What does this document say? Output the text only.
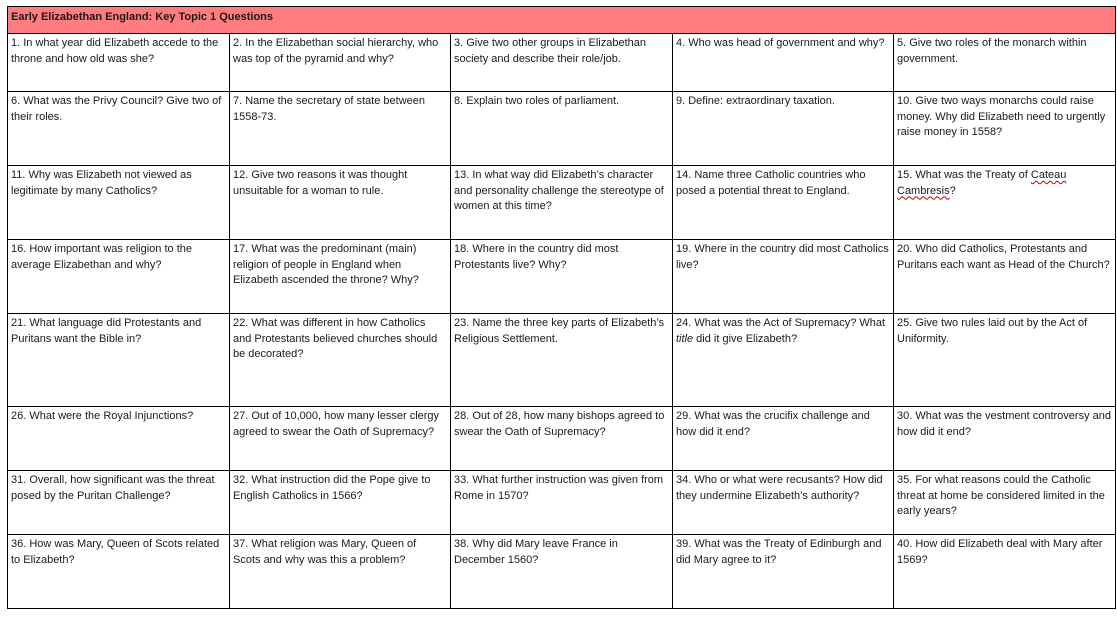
Early Elizabethan England: Key Topic 1 Questions				
1. In what year did Elizabeth accede to the throne and how old was she?	2. In the Elizabethan social hierarchy, who was top of the pyramid and why?	3. Give two other groups in Elizabethan society and describe their role/job.	4. Who was head of government and why?	5. Give two roles of the monarch within government.
6. What was the Privy Council? Give two of their roles.	7. Name the secretary of state between 1558-73.	8. Explain two roles of parliament.	9. Define: extraordinary taxation.	10. Give two ways monarchs could raise money. Why did Elizabeth need to urgently raise money in 1558?
11. Why was Elizabeth not viewed as legitimate by many Catholics?	12. Give two reasons it was thought unsuitable for a woman to rule.	13. In what way did Elizabeth’s character and personality challenge the stereotype of women at this time?	14. Name three Catholic countries who posed a potential threat to England.	15. What was the Treaty of Cateau Cambresis?
16. How important was religion to the average Elizabethan and why?	17. What was the predominant (main) religion of people in England when Elizabeth ascended the throne? Why?	18. Where in the country did most Protestants live? Why?	19. Where in the country did most Catholics live?	20. Who did Catholics, Protestants and Puritans each want as Head of the Church?
21. What language did Protestants and Puritans want the Bible in?	22. What was different in how Catholics and Protestants believed churches should be decorated?	23. Name the three key parts of Elizabeth’s Religious Settlement.	24. What was the Act of Supremacy? What title did it give Elizabeth?	25. Give two rules laid out by the Act of Uniformity.
26. What were the Royal Injunctions?	27. Out of 10,000, how many lesser clergy agreed to swear the Oath of Supremacy?	28. Out of 28, how many bishops agreed to swear the Oath of Supremacy?	29. What was the crucifix challenge and how did it end?	30. What was the vestment controversy and how did it end?
31. Overall, how significant was the threat posed by the Puritan Challenge?	32. What instruction did the Pope give to English Catholics in 1566?	33. What further instruction was given from Rome in 1570?	34. Who or what were recusants? How did they undermine Elizabeth’s authority?	35. For what reasons could the Catholic threat at home be considered limited in the early years?
36. How was Mary, Queen of Scots related to Elizabeth?	37. What religion was Mary, Queen of Scots and why was this a problem?	38. Why did Mary leave France in December 1560?	39. What was the Treaty of Edinburgh and did Mary agree to it?	40. How did Elizabeth deal with Mary after 1569?
